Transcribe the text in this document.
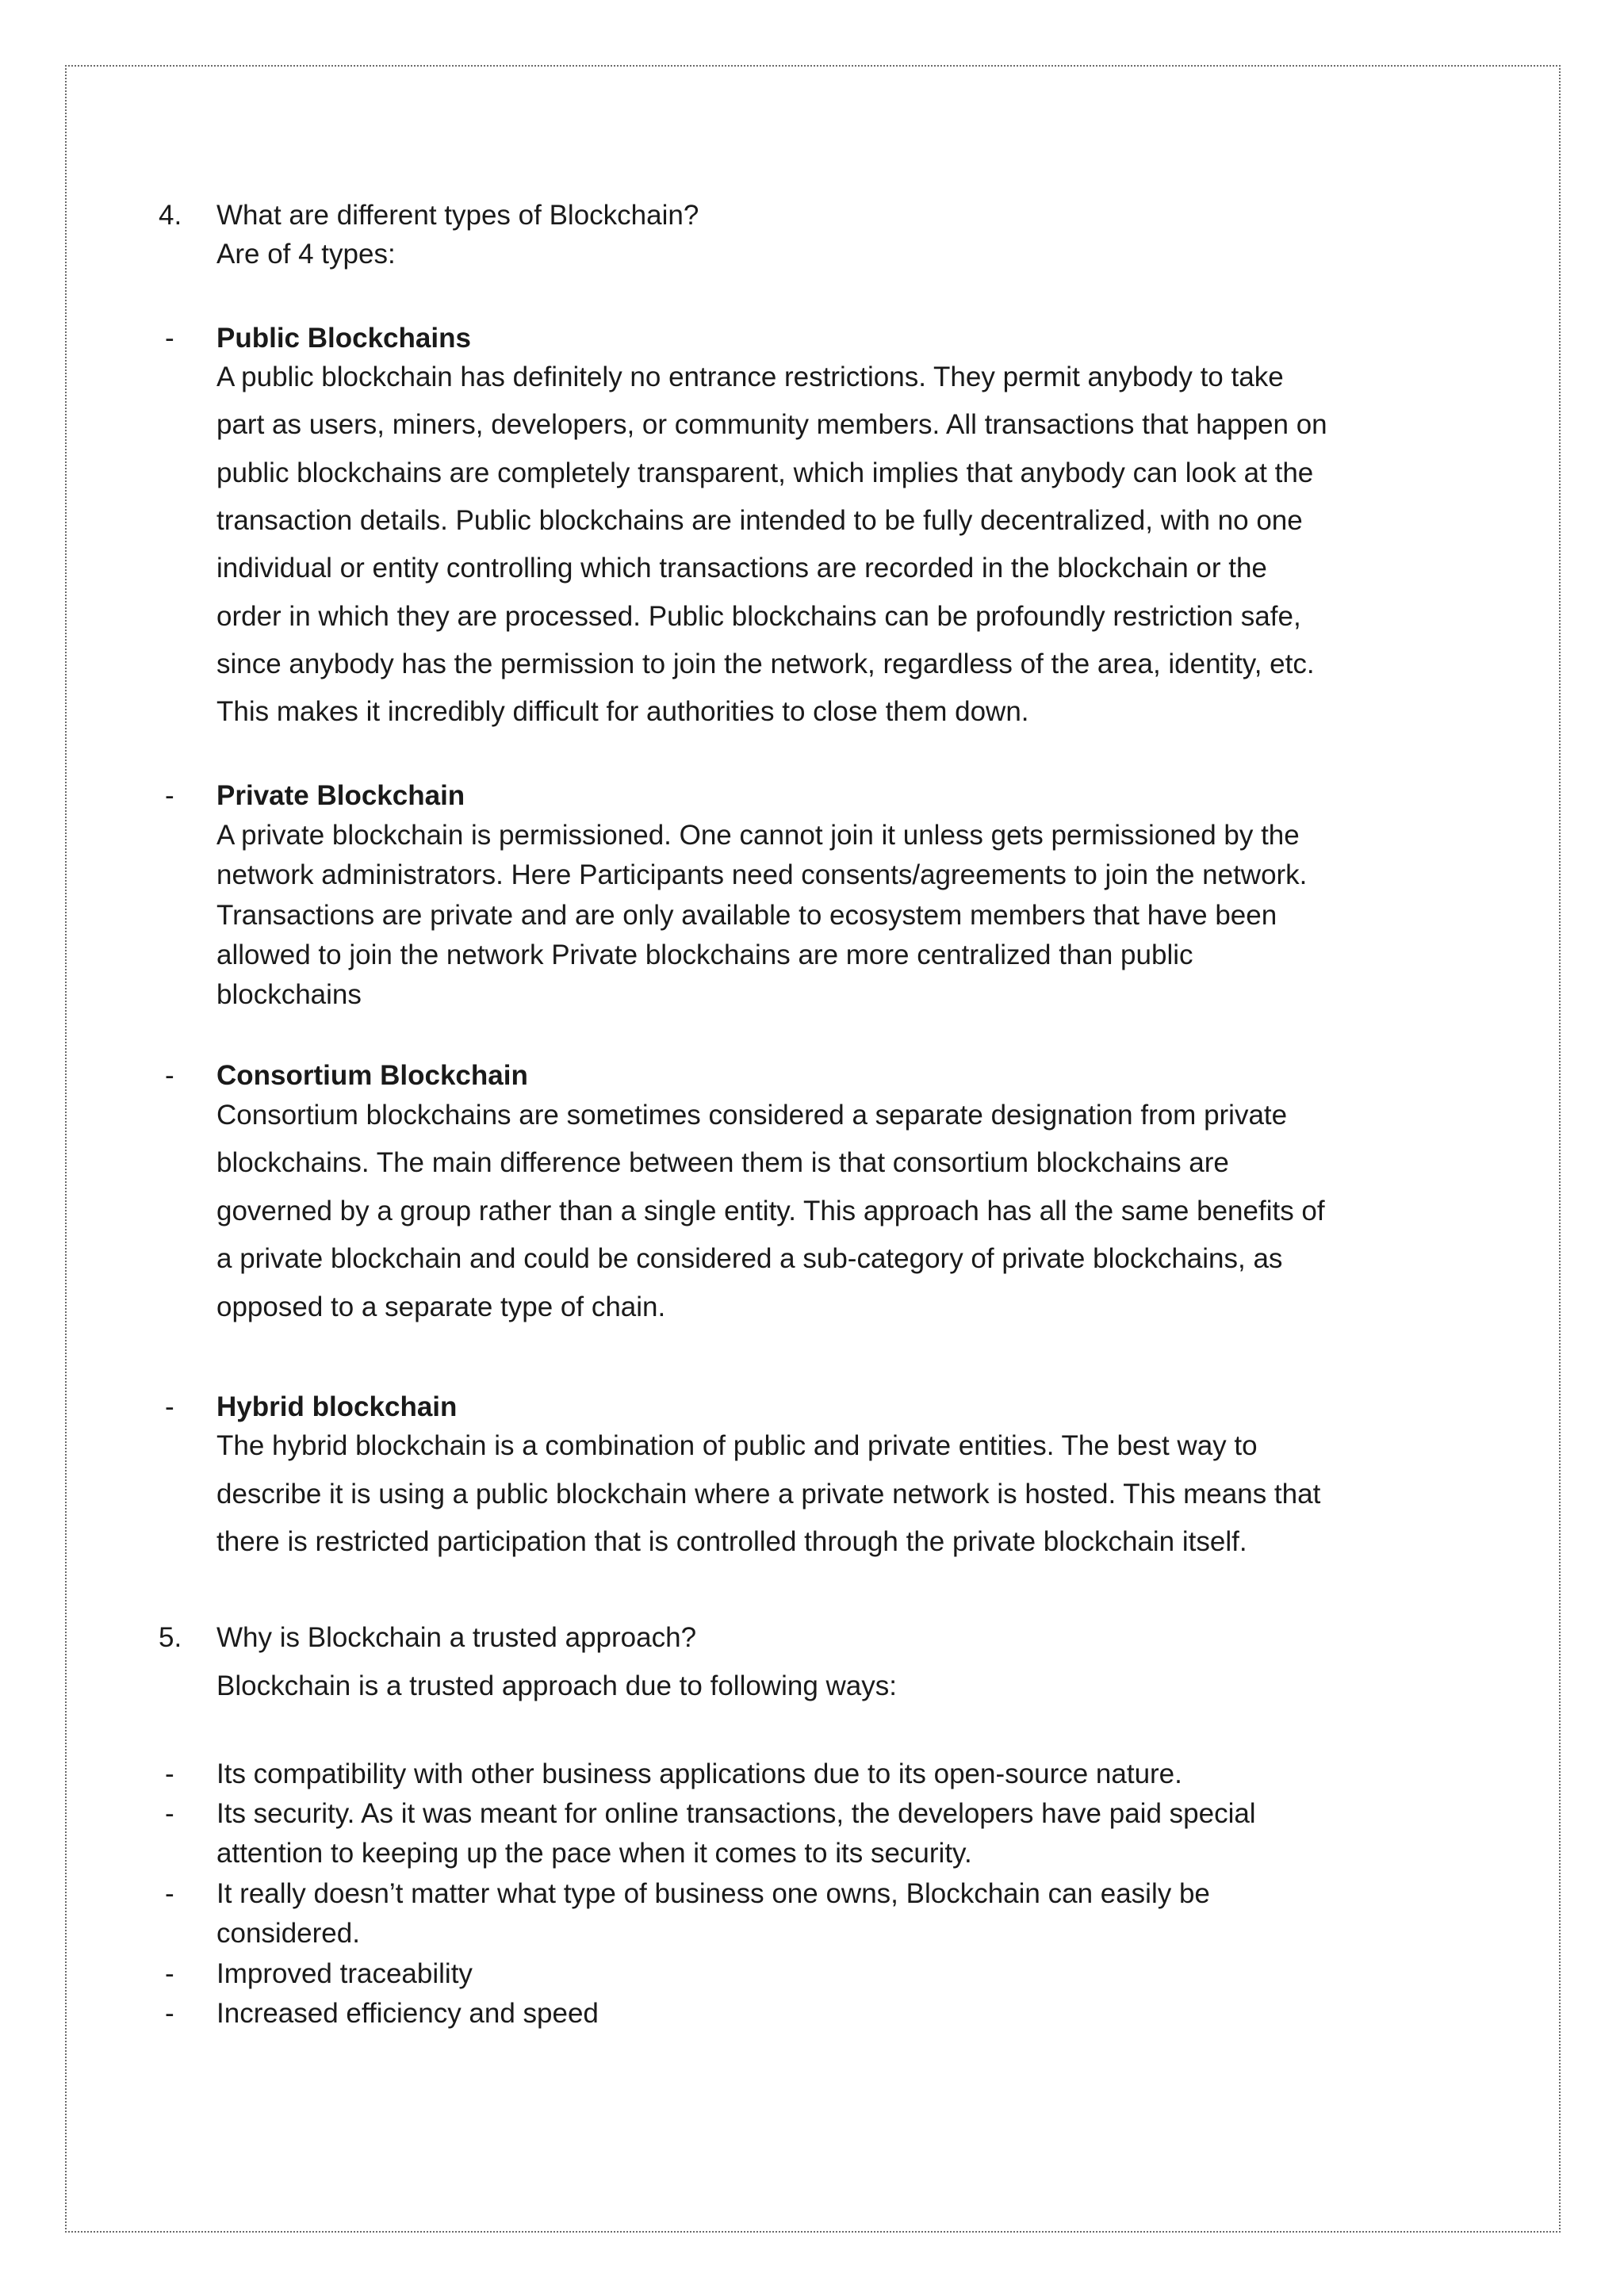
4. What are different types of Blockchain?
Are of 4 types:
- Public Blockchains
A public blockchain has definitely no entrance restrictions. They permit anybody to take
part as users, miners, developers, or community members. All transactions that happen on
public blockchains are completely transparent, which implies that anybody can look at the
transaction details. Public blockchains are intended to be fully decentralized, with no one
individual or entity controlling which transactions are recorded in the blockchain or the
order in which they are processed. Public blockchains can be profoundly restriction safe,
since anybody has the permission to join the network, regardless of the area, identity, etc.
This makes it incredibly difficult for authorities to close them down.
- Private Blockchain
A private blockchain is permissioned. One cannot join it unless gets permissioned by the
network administrators. Here Participants need consents/agreements to join the network.
Transactions are private and are only available to ecosystem members that have been
allowed to join the network Private blockchains are more centralized than public
blockchains
- Consortium Blockchain
Consortium blockchains are sometimes considered a separate designation from private
blockchains. The main difference between them is that consortium blockchains are
governed by a group rather than a single entity. This approach has all the same benefits of
a private blockchain and could be considered a sub-category of private blockchains, as
opposed to a separate type of chain.
- Hybrid blockchain
The hybrid blockchain is a combination of public and private entities. The best way to
describe it is using a public blockchain where a private network is hosted. This means that
there is restricted participation that is controlled through the private blockchain itself.
5. Why is Blockchain a trusted approach?
Blockchain is a trusted approach due to following ways:
- Its compatibility with other business applications due to its open-source nature.
- Its security. As it was meant for online transactions, the developers have paid special
attention to keeping up the pace when it comes to its security.
- It really doesn’t matter what type of business one owns, Blockchain can easily be
considered.
- Improved traceability
- Increased efficiency and speed
